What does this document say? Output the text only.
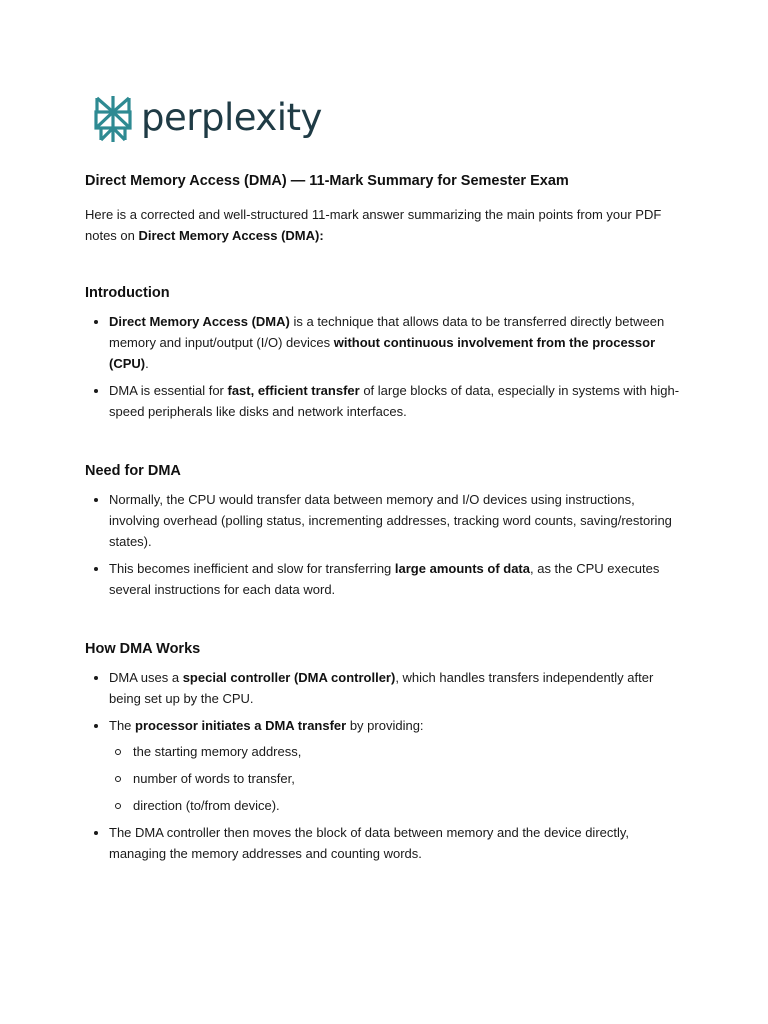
perplexity
Direct Memory Access (DMA) — 11-Mark Summary for Semester Exam

Here is a corrected and well-structured 11-mark answer summarizing the main points from your PDF notes on Direct Memory Access (DMA):

Introduction
Direct Memory Access (DMA) is a technique that allows data to be transferred directly between memory and input/output (I/O) devices without continuous involvement from the processor (CPU).
DMA is essential for fast, efficient transfer of large blocks of data, especially in systems with high-speed peripherals like disks and network interfaces.
Need for DMA
Normally, the CPU would transfer data between memory and I/O devices using instructions, involving overhead (polling status, incrementing addresses, tracking word counts, saving/restoring states).
This becomes inefficient and slow for transferring large amounts of data, as the CPU executes several instructions for each data word.
How DMA Works
DMA uses a special controller (DMA controller), which handles transfers independently after being set up by the CPU.
The processor initiates a DMA transfer by providing:
the starting memory address,
number of words to transfer,
direction (to/from device).
The DMA controller then moves the block of data between memory and the device directly, managing the memory addresses and counting words.
